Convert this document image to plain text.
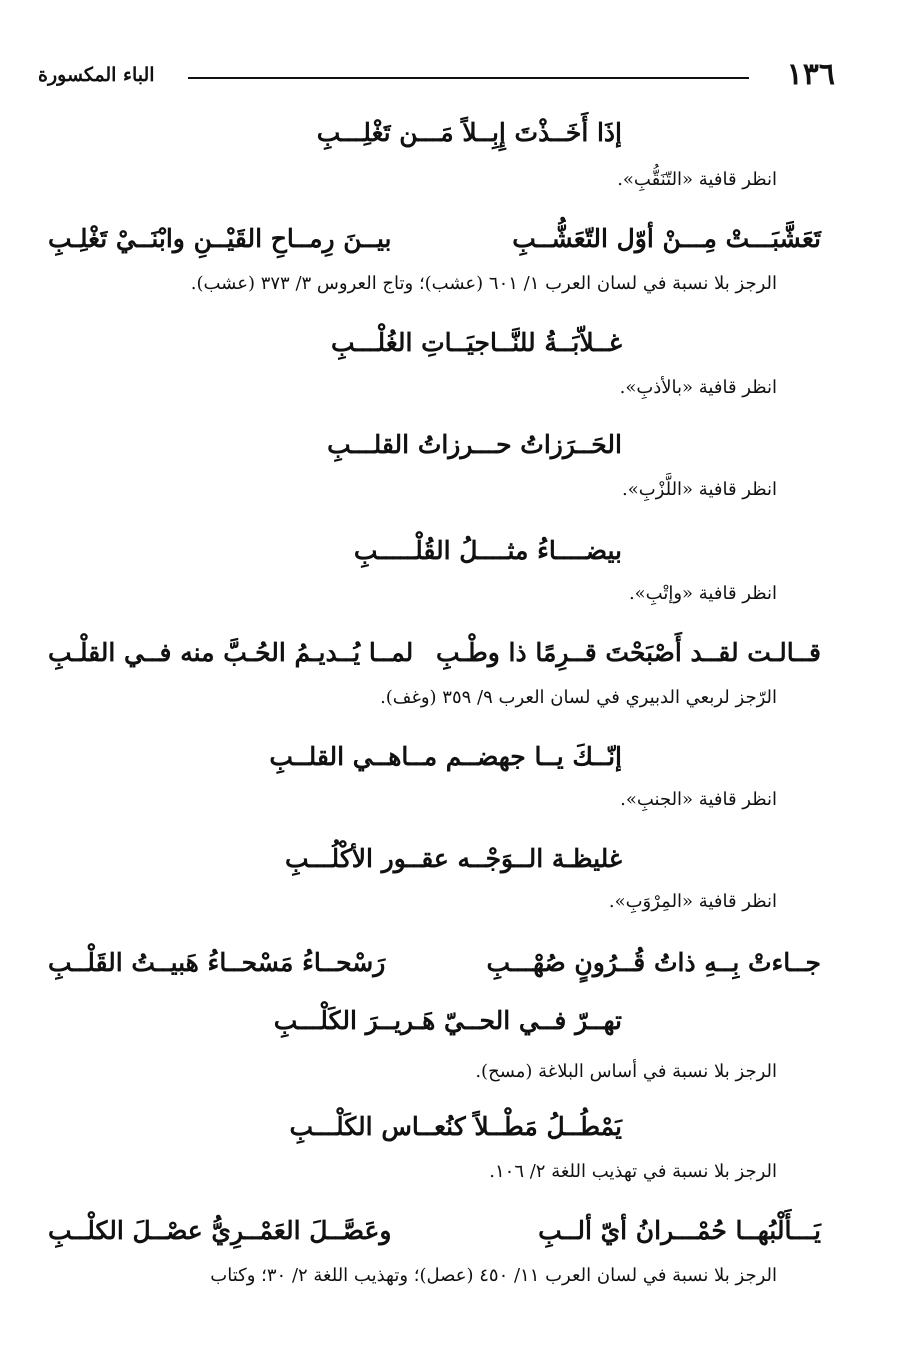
١٣٦
الباء المكسورة
إذَا أَخَــذْتَ إِبِــلاً مَـــن تَغْلِـــبِ
انظر قافية «التّنَقُّبِ».
تَعَشَّبَـــتْ مِـــنْ أوّل التّعَشُّــبِ
بيــنَ رِمــاحِ القَيْــنِ وابْنَــيْ تَغْلِـبِ
الرجز بلا نسبة في لسان العرب ١/ ٦٠١ (عشب)؛ وتاج العروس ٣/ ٣٧٣ (عشب).
غــلاّبَــةُ للنَّــاجيَــاتِ الغُلْـــبِ
انظر قافية «بالأذبِ».
الحَــرَزاتُ حـــرزاتُ القلـــبِ
انظر قافية «اللَّزْبِ».
بيضــــاءُ مثــــلُ القُلْـــــبِ
انظر قافية «وإتْبِ».
قــالـت لقــد أَصْبَحْتَ قــرِمًا ذا وطْـبِ
لمــا يُــديـمُ الحُـبَّ منه فــي القلْـبِ
الرّجز لربعي الدبيري في لسان العرب ٩/ ٣٥٩ (وغف).
إنّــكَ يــا جهضــم مــاهــي القلــبِ
انظر قافية «الجنبِ».
غليظـة الــوَجْــه عقــور الأكْلُـــبِ
انظر قافية «المِرْوَبِ».
جــاءتْ بِــهِ ذاتُ قُــرُونٍ صُهْـــبِ
رَسْحــاءُ مَسْحــاءُ هَبيــتُ القَلْــبِ
تهــرّ فــي الحــيّ هَـريــرَ الكَلْـــبِ
الرجز بلا نسبة في أساس البلاغة (مسح).
يَمْطُــلُ مَطْــلاً كنُعــاس الكَلْـــبِ
الرجز بلا نسبة في تهذيب اللغة ٢/ ١٠٦.
يَـــأَلْبُهــا حُمْـــرانُ أيّ ألــبِ
وعَصَّــلَ العَمْــرِيُّ عصْــلَ الكلْــبِ
الرجز بلا نسبة في لسان العرب ١١/ ٤٥٠ (عصل)؛ وتهذيب اللغة ٢/ ٣٠؛ وكتاب
